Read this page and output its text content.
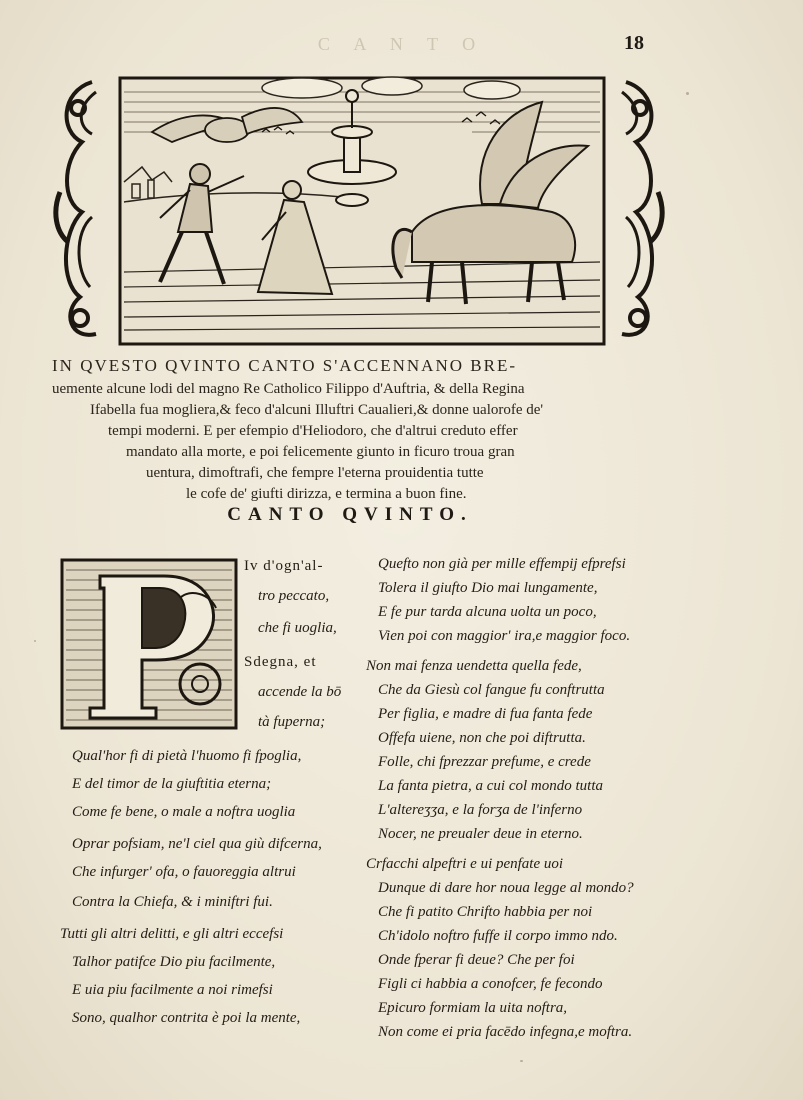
C A N T O	18
IN QVESTO QVINTO CANTO S'ACCENNANO BRE-
uemente alcune lodi del magno Re Catholico Filippo d'Auftria, & della Regina
Ifabella fua mogliera,& feco d'alcuni Illuftri Caualieri,& donne ualorofe de'
tempi moderni. E per efempio d'Heliodoro, che d'altrui creduto effer
mandato alla morte, e poi felicemente giunto in ficuro troua gran
uentura, dimoftrafi, che fempre l'eterna prouidentia tutte
le cofe de' giufti dirizza, e termina a buon fine.
CANTO QVINTO.
Iv d'ogn'al-
tro peccato,
che fi uoglia,
Sdegna, et
accende la bō
tà fuperna;
Qual'hor fi di pietà l'huomo fi fpoglia,
E del timor de la giuftitia eterna;
Come fe bene, o male a noftra uoglia
Oprar pofsiam, ne'l ciel qua giù difcerna,
Che infurger' ofa, o fauoreggia altrui
Contra la Chiefa, & i miniftri fui.
Tutti gli altri delitti, e gli altri eccefsi
Talhor patifce Dio piu facilmente,
E uia piu facilmente a noi rimefsi
Sono, qualhor contrita è poi la mente,
Quefto non già per mille effempij efprefsi
Tolera il giufto Dio mai lungamente,
E fe pur tarda alcuna uolta un poco,
Vien poi con maggior' ira,e maggior foco.
Non mai fenza uendetta quella fede,
Che da Giesù col fangue fu conftrutta
Per figlia, e madre di fua fanta fede
Offefa uiene, non che poi diftrutta.
Folle, chi fprezzar prefume, e crede
La fanta pietra, a cui col mondo tutta
L'altereʒʒa, e la forʒa de l'inferno
Nocer, ne preualer deue in eterno.
Crfacchi alpeftri e ui penfate uoi
Dunque di dare hor noua legge al mondo?
Che fi patito Chrifto habbia per noi
Ch'idolo noftro fuffe il corpo immo ndo.
Onde fperar fi deue? Che per foi
Figli ci habbia a conofcer, fe fecondo
Epicuro formiam la uita noftra,
Non come ei pria facēdo infegna,e moftra.
